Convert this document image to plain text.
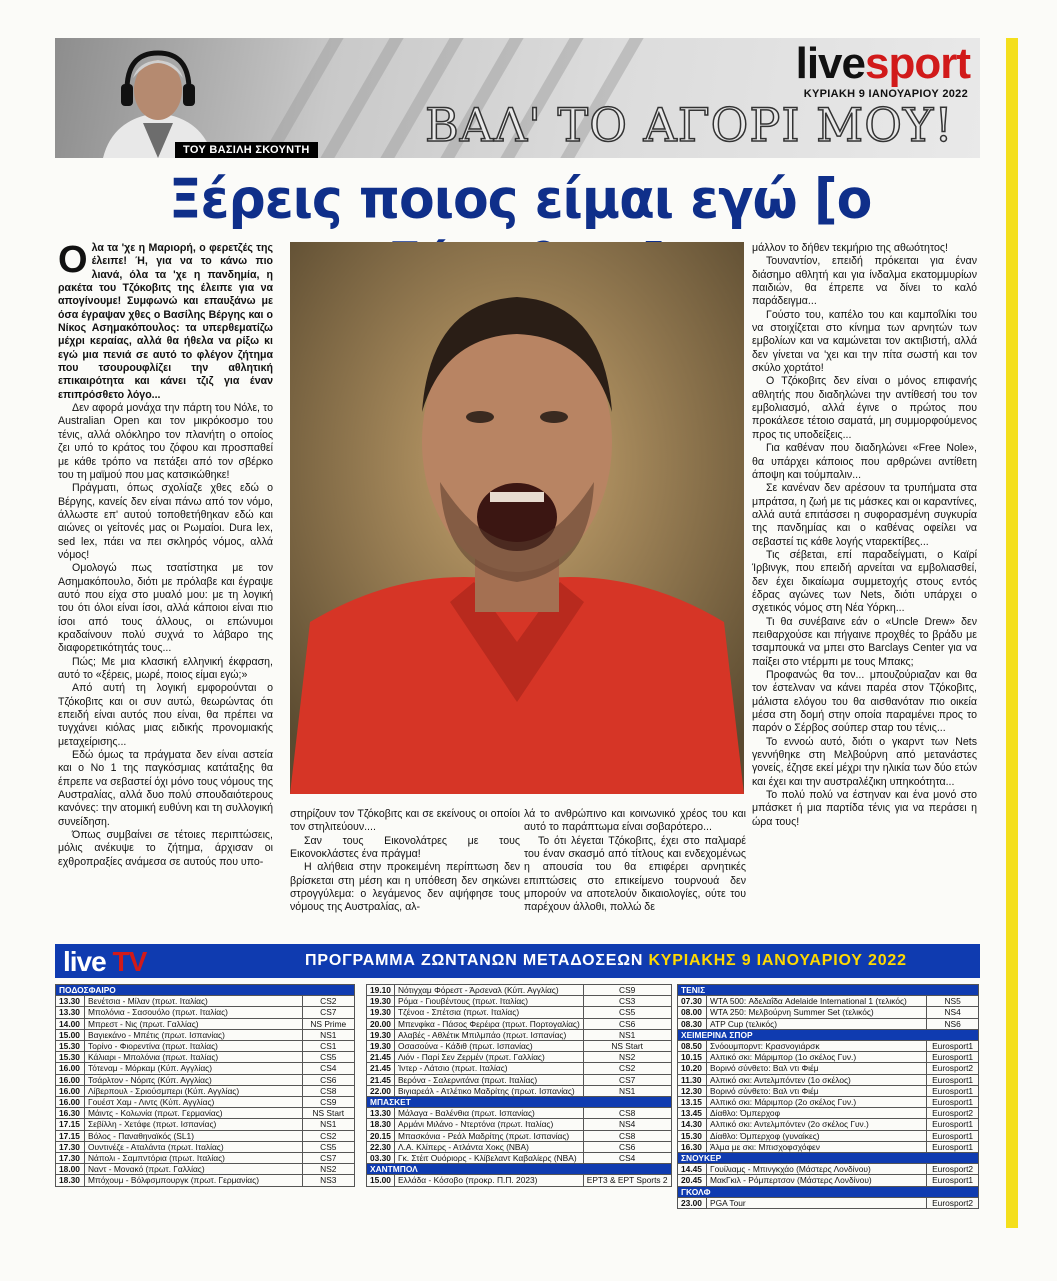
ΤΟΥ ΒΑΣΙΛΗ ΣΚΟΥΝΤΗ
livesport
ΚΥΡΙΑΚΗ 9 ΙΑΝΟΥΑΡΙΟΥ 2022
ΒΑΛ' ΤΟ ΑΓΟΡΙ ΜΟΥ!
Ξέρεις ποιος είμαι εγώ [ο

Ολα τα 'χε η Μαριορή, ο φερετζές της έλειπε! Ή, για να το κάνω πιο λιανά, όλα τα 'χε η πανδημία, η ρακέτα του Τζόκοβιτς της έλειπε για να απογίνουμε! Συμφωνώ και επαυξάνω με όσα έγραψαν χθες ο Βασίλης Βέργης και ο Νίκος Ασημακόπουλος: τα υπερθεματίζω μέχρι κεραίας, αλλά θα ήθελα να ρίξω κι εγώ μια πενιά σε αυτό το φλέγον ζήτημα που τσουρουφλίζει την αθλητική επικαιρότητα και κάνει τζιζ για έναν επιπρόσθετο λόγο...

Δεν αφορά μονάχα την πάρτη του Νόλε, το Australian Open και τον μικρόκοσμο του τένις, αλλά ολόκληρο τον πλανήτη ο οποίος ζει υπό το κράτος του ζόφου και προσπαθεί με κάθε τρόπο να πετάξει από τον σβέρκο του τη μαϊμού που μας κατσικώθηκε!

Πράγματι, όπως σχολίαζε χθες εδώ ο Βέργης, κανείς δεν είναι πάνω από τον νόμο, άλλωστε επ' αυτού τοποθετήθηκαν εδώ και αιώνες οι γείτονές μας οι Ρωμαίοι. Dura lex, sed lex, πάει να πει σκληρός νόμος, αλλά νόμος!

Ομολογώ πως τσατίστηκα με τον Ασημακόπουλο, διότι με πρόλαβε και έγραψε αυτό που είχα στο μυαλό μου: με τη λογική του ότι όλοι είναι ίσοι, αλλά κάποιοι είναι πιο ίσοι από τους άλλους, οι επώνυμοι κραδαίνουν πολύ συχνά το λάβαρο της διαφορετικότητάς τους...

Πώς; Με μια κλασική ελληνική έκφραση, αυτό το «ξέρεις, μωρέ, ποιος είμαι εγώ;»

Από αυτή τη λογική εμφορούνται ο Τζόκοβιτς και οι συν αυτώ, θεωρώντας ότι επειδή είναι αυτός που είναι, θα πρέπει να τυγχάνει κιόλας μιας ειδικής προνομιακής μεταχείρισης...

Εδώ όμως τα πράγματα δεν είναι αστεία και ο Νο 1 της παγκόσμιας κατάταξης θα έπρεπε να σεβαστεί όχι μόνο τους νόμους της Αυστραλίας, αλλά δυο πολύ σπουδαιότερους κανόνες: την ατομική ευθύνη και τη συλλογική συνείδηση.

Όπως συμβαίνει σε τέτοιες περιπτώσεις, μόλις ανέκυψε το ζήτημα, άρχισαν οι εχθροπραξίες ανάμεσα σε αυτούς που υπο-

στηρίζουν τον Τζόκοβιτς και σε εκείνους οι οποίοι τον στηλιτεύουν....

Σαν τους Εικονολάτρες με τους Εικονοκλάστες ένα πράγμα!

Η αλήθεια στην προκειμένη περίπτωση δεν βρίσκεται στη μέση και η υπόθεση δεν σηκώνει στρογγύλεμα: ο λεγάμενος δεν αψήφησε τους νόμους της Αυστραλίας, αλ-

λά το ανθρώπινο και κοινωνικό χρέος του και αυτό το παράπτωμα είναι σοβαρότερο...

Το ότι λέγεται Τζόκοβιτς, έχει στο παλμαρέ του έναν σκασμό από τίτλους και ενδεχομένως η απουσία του θα επιφέρει αρνητικές επιπτώσεις στο επικείμενο τουρνουά δεν μπορούν να αποτελούν δικαιολογίες, ούτε του παρέχουν άλλοθι, πολλώ δε

μάλλον το δήθεν τεκμήριο της αθωότητος!

Τουναντίον, επειδή πρόκειται για έναν διάσημο αθλητή και για ίνδαλμα εκατομμυρίων παιδιών, θα έπρεπε να δίνει το καλό παράδειγμα...

Γούστο του, καπέλο του και καμποΐλίκι του να στοιχίζεται στο κίνημα των αρνητών των εμβολίων και να καμώνεται τον ακτιβιστή, αλλά δεν γίνεται να 'χει και την πίτα σωστή και τον σκύλο χορτάτο!

Ο Τζόκοβιτς δεν είναι ο μόνος επιφανής αθλητής που διαδηλώνει την αντίθεσή του τον εμβολιασμό, αλλά έγινε ο πρώτος που προκάλεσε τέτοιο σαματά, μη συμμορφούμενος προς τις υποδείξεις...

Για καθέναν που διαδηλώνει «Free Nole», θα υπάρχει κάποιος που αρθρώνει αντίθετη άποψη και τούμπαλιν...

Σε κανέναν δεν αρέσουν τα τρυπήματα στα μπράτσα, η ζωή με τις μάσκες και οι καραντίνες, αλλά αυτά επιτάσσει η συφορασμένη συγκυρία της πανδημίας και ο καθένας οφείλει να σεβαστεί τις κάθε λογής νταρεκτίβες...

Τις σέβεται, επί παραδείγματι, ο Καϊρί Ίρβινγκ, που επειδή αρνείται να εμβολιασθεί, δεν έχει δικαίωμα συμμετοχής στους εντός έδρας αγώνες των Nets, διότι υπάρχει ο σχετικός νόμος στη Νέα Υόρκη...

Τι θα συνέβαινε εάν ο «Uncle Drew» δεν πειθαρχούσε και πήγαινε προχθές το βράδυ με τσαμπουκά να μπει στο Barclays Center για να παίξει στο ντέρμπι με τους Μπακς;

Προφανώς θα τον... μπουζούριαζαν και θα τον έστελναν να κάνει παρέα στον Τζόκοβιτς, μάλιστα ελόγου του θα αισθανόταν πιο οικεία μέσα στη δομή στην οποία παραμένει προς το παρόν ο Σέρβος σούπερ σταρ του τένις...

Το εννοώ αυτό, διότι ο γκαρντ των Nets γεννήθηκε στη Μελβούρνη από μετανάστες γονείς, έζησε εκεί μέχρι την ηλικία των δύο ετών και έχει και την αυστραλέζικη υπηκοότητα...

Το πολύ πολύ να έστηναν και ένα μονό στο μπάσκετ ή μια παρτίδα τένις για να περάσει η ώρα τους!

live TV	ΠΡΟΓΡΑΜΜΑ ΖΩΝΤΑΝΩΝ ΜΕΤΑΔΟΣΕΩΝ ΚΥΡΙΑΚΗΣ 9 ΙΑΝΟΥΑΡΙΟΥ 2022
ΠΟΔΟΣΦΑΙΡΟ		
13.30	Βενέτσια - Μίλαν (πρωτ. Ιταλίας)	CS2
13.30	Μπολόνια - Σασουόλο (πρωτ. Ιταλίας)	CS7
14.00	Μπρεστ - Νις (πρωτ. Γαλλίας)	NS Prime
15.00	Βαγιεκάνο - Μπέτις (πρωτ. Ισπανίας)	NS1
15.30	Τορίνο - Φιορεντίνα (πρωτ. Ιταλίας)	CS1
15.30	Κάλιαρι - Μπολόνια (πρωτ. Ιταλίας)	CS5
16.00	Τότεναμ - Μόρκαμ (Κύπ. Αγγλίας)	CS4
16.00	Τσάρλτον - Νόριτς (Κύπ. Αγγλίας)	CS6
16.00	Λίβερπουλ - Σριούσμπερι (Κύπ. Αγγλίας)	CS8
16.00	Γουέστ Χαμ - Λιντς (Κύπ. Αγγλίας)	CS9
16.30	Μάιντς - Κολωνία (πρωτ. Γερμανίας)	NS Start
17.15	Σεβίλλη - Χετάφε (πρωτ. Ισπανίας)	NS1
17.15	Βόλος - Παναθηναϊκός (SL1)	CS2
17.30	Ουντινέζε - Αταλάντα (πρωτ. Ιταλίας)	CS5
17.30	Νάπολι - Σαμπντόρια (πρωτ. Ιταλίας)	CS7
18.00	Ναντ - Μονακό (πρωτ. Γαλλίας)	NS2
18.30	Μπόχουμ - Βόλφσμπουργκ (πρωτ. Γερμανίας)	NS3
19.10	Νότιγχαμ Φόρεστ - Άρσεναλ (Κύπ. Αγγλίας)	CS9
19.30	Ρόμα - Γιουβέντους (πρωτ. Ιταλίας)	CS3
19.30	Τζένοα - Σπέτσια (πρωτ. Ιταλίας)	CS5
20.00	Μπενφίκα - Πάσος Φερέιρα (πρωτ. Πορτογαλίας)	CS6
19.30	Αλαβές - Αθλέτικ Μπιλμπάο (πρωτ. Ισπανίας)	NS1
19.30	Οσασούνα - Κάδιθ (πρωτ. Ισπανίας)	NS Start
21.45	Λιόν - Παρί Σεν Ζερμέν (πρωτ. Γαλλίας)	NS2
21.45	Ίντερ - Λάτσιο (πρωτ. Ιταλίας)	CS2
21.45	Βερόνα - Σαλερνιτάνα (πρωτ. Ιταλίας)	CS7
22.00	Βιγιαρεάλ - Ατλέτικο Μαδρίτης (πρωτ. Ισπανίας)	NS1
ΜΠΑΣΚΕΤ		
13.30	Μάλαγα - Βαλένθια (πρωτ. Ισπανίας)	CS8
18.30	Αρμάνι Μιλάνο - Ντερτόνα (πρωτ. Ιταλίας)	NS4
20.15	Μπασκόνια - Ρεάλ Μαδρίτης (πρωτ. Ισπανίας)	CS8
22.30	Λ.Α. Κλίπερς - Ατλάντα Χοκς (NBA)	CS6
03.30	Γκ. Στέιτ Ουόριορς - Κλίβελαντ Καβαλίερς (NBA)	CS4
ΧΑΝΤΜΠΟΛ		
15.00	Ελλάδα - Κόσοβο (προκρ. Π.Π. 2023)	ΕΡΤ3 & ΕΡΤ Sports 2
ΤΕΝΙΣ		
07.30	WTA 500: Αδελαΐδα Adelaide International 1 (τελικός)	NS5
08.00	WTA 250: Μελβούρνη Summer Set (τελικός)	NS4
08.30	ATP Cup (τελικός)	NS6
ΧΕΙΜΕΡΙΝΑ ΣΠΟΡ		
08.50	Σνόουμπορντ: Κρασνογιάρσκ	Eurosport1
10.15	Αλπικό σκι: Μάριμπορ (1ο σκέλος Γυν.)	Eurosport1
10.20	Βορινό σύνθετο: Βαλ ντι Φιέμ	Eurosport2
11.30	Αλπικό σκι: Αντελμπόντεν (1ο σκέλος)	Eurosport1
12.30	Βορινό σύνθετο: Βαλ ντι Φιέμ	Eurosport1
13.15	Αλπικό σκι: Μάριμπορ (2ο σκέλος Γυν.)	Eurosport1
13.45	Δίαθλο: Όμπερχοφ	Eurosport2
14.30	Αλπικό σκι: Αντελμπόντεν (2ο σκέλος Γυν.)	Eurosport1
15.30	Δίαθλο: Όμπερχοφ (γυναίκες)	Eurosport1
16.30	Άλμα με σκι: Μπισχοφσχόφεν	Eurosport1
ΣΝΟΥΚΕΡ		
14.45	Γουίλιαμς - Μπινγκχάο (Μάστερς Λονδίνου)	Eurosport2
20.45	ΜακΓκιλ - Ρόμπερτσον (Μάστερς Λονδίνου)	Eurosport1
ΓΚΟΛΦ		
23.00	PGA Tour	Eurosport2
